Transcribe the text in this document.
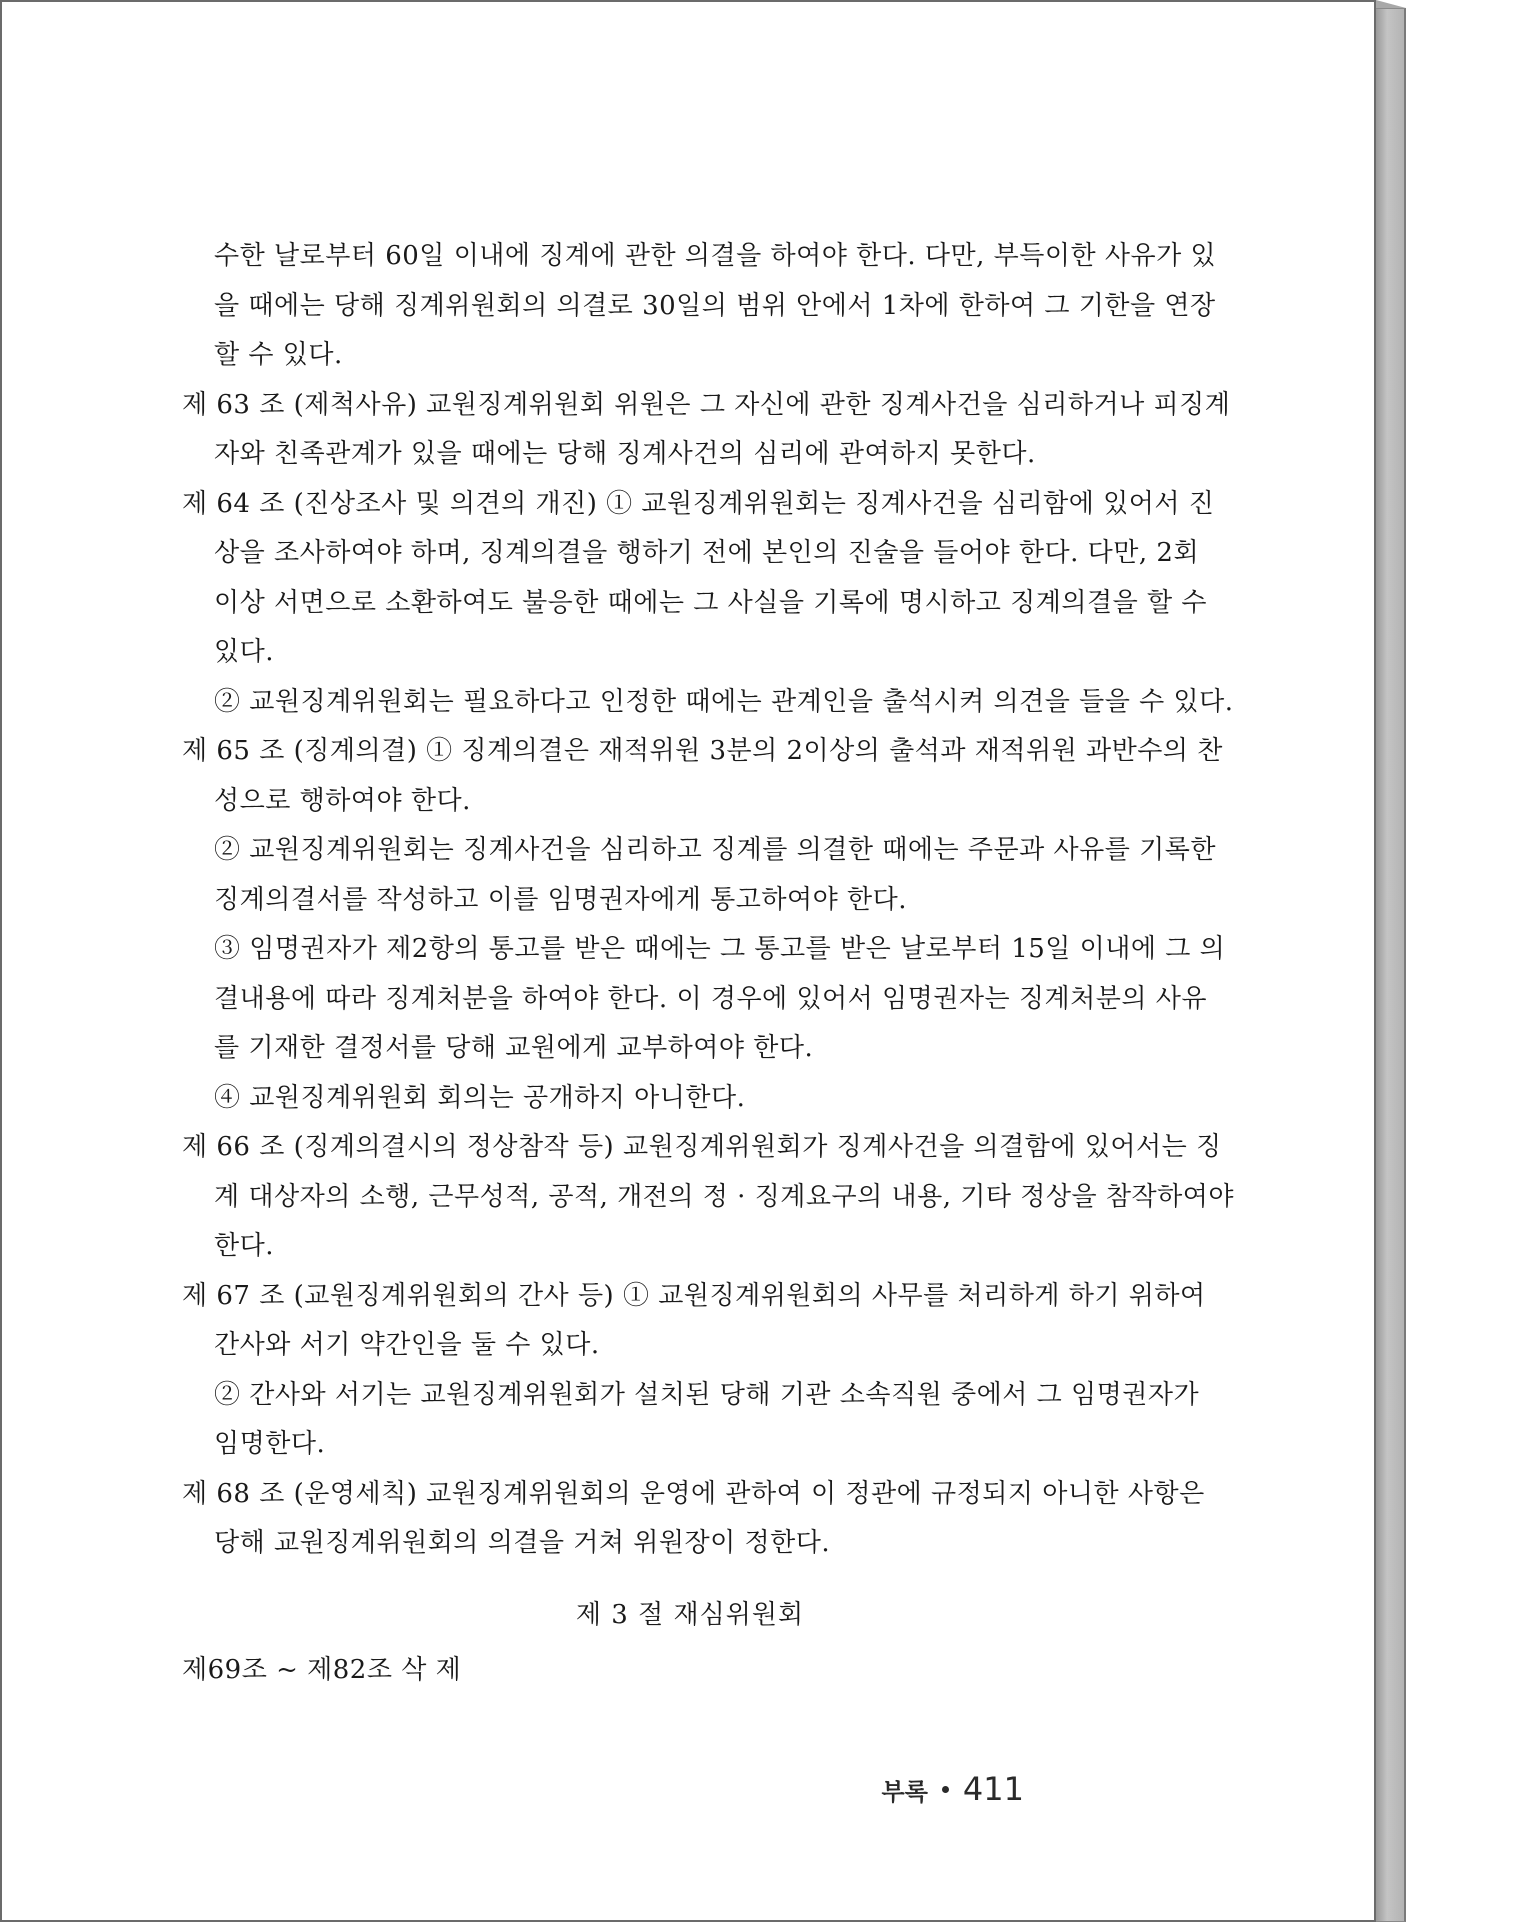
수한 날로부터 60일 이내에 징계에 관한 의결을 하여야 한다. 다만, 부득이한 사유가 있
을 때에는 당해 징계위원회의 의결로 30일의 범위 안에서 1차에 한하여 그 기한을 연장
할 수 있다.
제 63 조 (제척사유) 교원징계위원회 위원은 그 자신에 관한 징계사건을 심리하거나 피징계
자와 친족관계가 있을 때에는 당해 징계사건의 심리에 관여하지 못한다.
제 64 조 (진상조사 및 의견의 개진) ① 교원징계위원회는 징계사건을 심리함에 있어서 진
상을 조사하여야 하며, 징계의결을 행하기 전에 본인의 진술을 들어야 한다. 다만, 2회
이상 서면으로 소환하여도 불응한 때에는 그 사실을 기록에 명시하고 징계의결을 할 수
있다.
② 교원징계위원회는 필요하다고 인정한 때에는 관계인을 출석시켜 의견을 들을 수 있다.
제 65 조 (징계의결) ① 징계의결은 재적위원 3분의 2이상의 출석과 재적위원 과반수의 찬
성으로 행하여야 한다.
② 교원징계위원회는 징계사건을 심리하고 징계를 의결한 때에는 주문과 사유를 기록한
징계의결서를 작성하고 이를 임명권자에게 통고하여야 한다.
③ 임명권자가 제2항의 통고를 받은 때에는 그 통고를 받은 날로부터 15일 이내에 그 의
결내용에 따라 징계처분을 하여야 한다. 이 경우에 있어서 임명권자는 징계처분의 사유
를 기재한 결정서를 당해 교원에게 교부하여야 한다.
④ 교원징계위원회 회의는 공개하지 아니한다.
제 66 조 (징계의결시의 정상참작 등) 교원징계위원회가 징계사건을 의결함에 있어서는 징
계 대상자의 소행, 근무성적, 공적, 개전의 정 · 징계요구의 내용, 기타 정상을 참작하여야
한다.
제 67 조 (교원징계위원회의 간사 등) ① 교원징계위원회의 사무를 처리하게 하기 위하여
간사와 서기 약간인을 둘 수 있다.
② 간사와 서기는 교원징계위원회가 설치된 당해 기관 소속직원 중에서 그 임명권자가
임명한다.
제 68 조 (운영세칙) 교원징계위원회의 운영에 관하여 이 정관에 규정되지 아니한 사항은
당해 교원징계위원회의 의결을 거쳐 위원장이 정한다.
제 3 절 재심위원회
제69조 ~ 제82조 삭 제
부록 411
